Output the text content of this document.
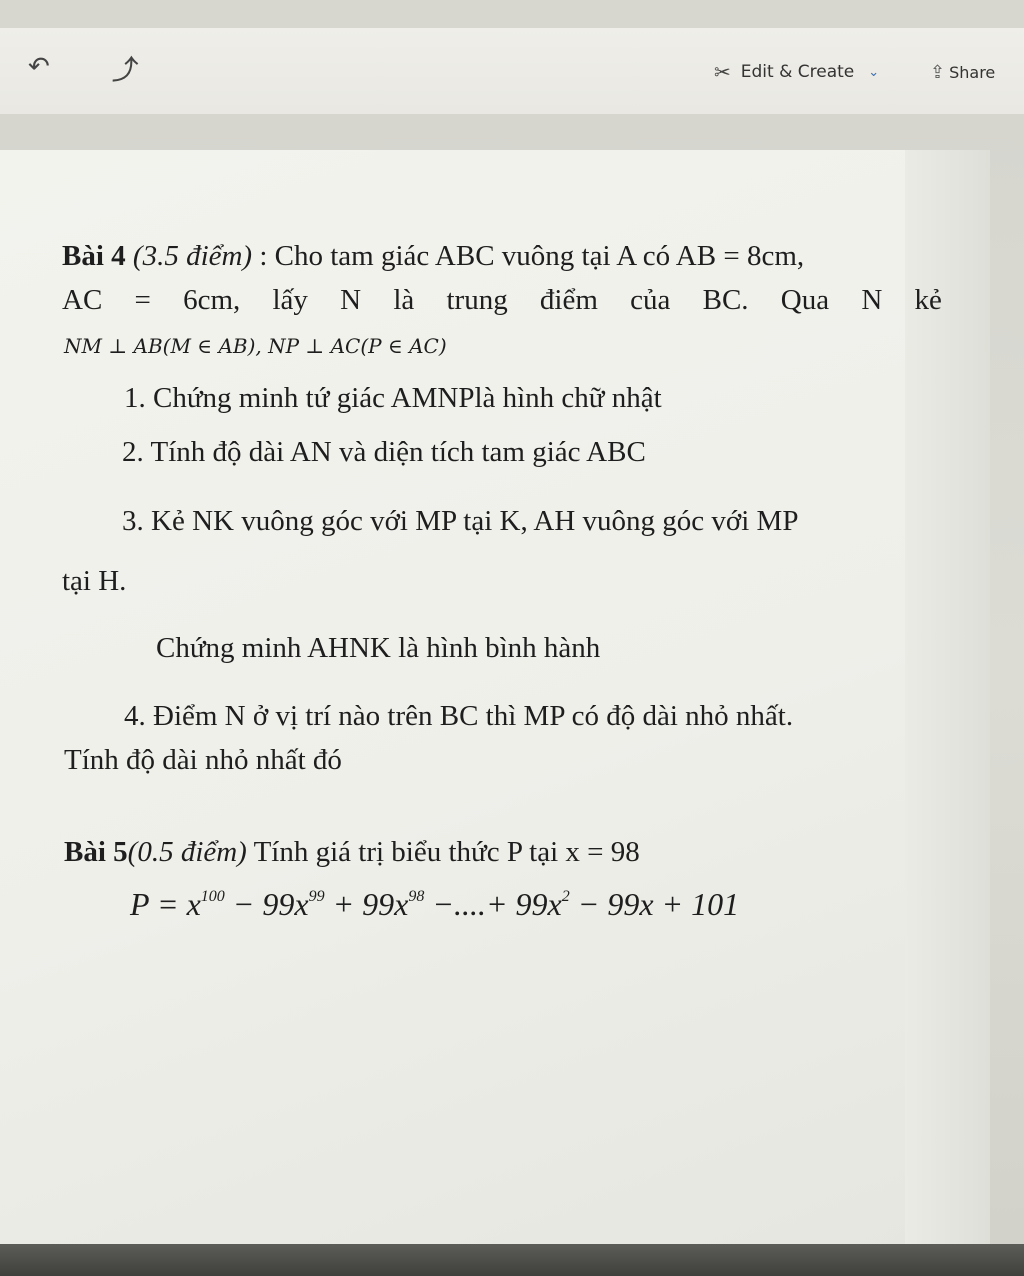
↶ ⤴	✂ Edit & Create ⌄	⇪ Share
Bài 4 (3.5 điểm) : Cho tam giác ABC vuông tại A có AB = 8cm,
AC = 6cm, lấy N là trung điểm của BC. Qua N kẻ
NM ⊥ AB(M ∈ AB), NP ⊥ AC(P ∈ AC)
1. Chứng minh tứ giác AMNPlà hình chữ nhật
2. Tính độ dài AN và diện tích tam giác ABC
3. Kẻ NK vuông góc với MP tại K, AH vuông góc với MP
tại H.
Chứng minh AHNK là hình bình hành
4. Điểm N ở vị trí nào trên BC thì MP có độ dài nhỏ nhất.
Tính độ dài nhỏ nhất đó
Bài 5(0.5 điểm) Tính giá trị biểu thức P tại x = 98
$P = x^{100} - 99x^{99} + 99x^{98}$ −....+ $99x^2 - 99x + 101$
